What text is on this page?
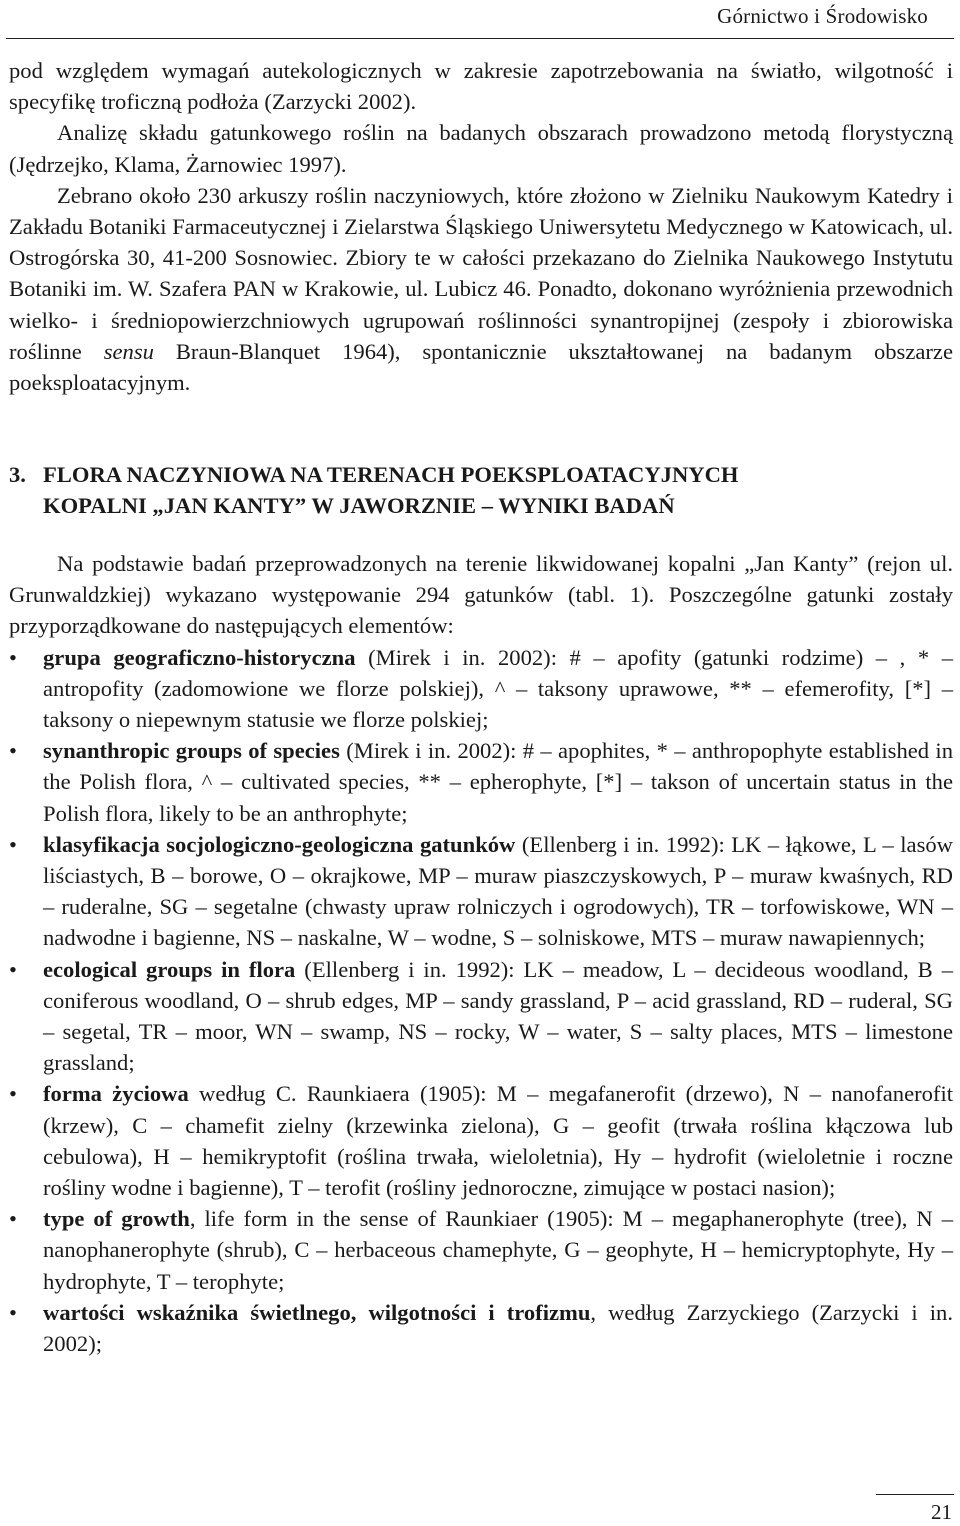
Górnictwo i Środowisko

pod względem wymagań autekologicznych w zakresie zapotrzebowania na światło, wilgotność i specyfikę troficzną podłoża (Zarzycki 2002).

Analizę składu gatunkowego roślin na badanych obszarach prowadzono metodą florystyczną (Jędrzejko, Klama, Żarnowiec 1997).

Zebrano około 230 arkuszy roślin naczyniowych, które złożono w Zielniku Naukowym Katedry i Zakładu Botaniki Farmaceutycznej i Zielarstwa Śląskiego Uniwersytetu Medycznego w Katowicach, ul. Ostrogórska 30, 41-200 Sosnowiec. Zbiory te w całości przekazano do Zielnika Naukowego Instytutu Botaniki im. W. Szafera PAN w Krakowie, ul. Lubicz 46. Ponadto, dokonano wyróżnienia przewodnich wielko- i średniopowierzchniowych ugrupowań roślinności synantropijnej (zespoły i zbiorowiska roślinne sensu Braun-Blanquet 1964), spontanicznie ukształtowanej na badanym obszarze poeksploatacyjnym.

3. FLORA NACZYNIOWA NA TERENACH POEKSPLOATACYJNYCH
KOPALNI „JAN KANTY” W JAWORZNIE – WYNIKI BADAŃ

Na podstawie badań przeprowadzonych na terenie likwidowanej kopalni „Jan Kanty” (rejon ul. Grunwaldzkiej) wykazano występowanie 294 gatunków (tabl. 1). Poszczególne gatunki zostały przyporządkowane do następujących elementów:

•	grupa geograficzno-historyczna (Mirek i in. 2002): # – apofity (gatunki rodzime) – , * – antropofity (zadomowione we florze polskiej), ^ – taksony uprawowe, ** – efemerofity, [*] – taksony o niepewnym statusie we florze polskiej;
•	synanthropic groups of species (Mirek i in. 2002): # – apophites, * – anthropophyte established in the Polish flora, ^ – cultivated species, ** – epherophyte, [*] – takson of uncertain status in the Polish flora, likely to be an anthrophyte;
•	klasyfikacja socjologiczno-geologiczna gatunków (Ellenberg i in. 1992): LK – łąkowe, L – lasów liściastych, B – borowe, O – okrajkowe, MP – muraw piaszczyskowych, P – muraw kwaśnych, RD – ruderalne, SG – segetalne (chwasty upraw rolniczych i ogrodowych), TR – torfowiskowe, WN – nadwodne i bagienne, NS – naskalne, W – wodne, S – solniskowe, MTS – muraw nawapiennych;
•	ecological groups in flora (Ellenberg i in. 1992): LK – meadow, L – decideous woodland, B – coniferous woodland, O – shrub edges, MP – sandy grassland, P – acid grassland, RD – ruderal, SG – segetal, TR – moor, WN – swamp, NS – rocky, W – water, S – salty places, MTS – limestone grassland;
•	forma życiowa według C. Raunkiaera (1905): M – megafanerofit (drzewo), N – nanofanerofit (krzew), C – chamefit zielny (krzewinka zielona), G – geofit (trwała roślina kłączowa lub cebulowa), H – hemikryptofit (roślina trwała, wieloletnia), Hy – hydrofit (wieloletnie i roczne rośliny wodne i bagienne), T – terofit (rośliny jednoroczne, zimujące w postaci nasion);
•	type of growth, life form in the sense of Raunkiaer (1905): M – megaphanerophyte (tree), N – nanophanerophyte (shrub), C – herbaceous chamephyte, G – geophyte, H – hemicryptophyte, Hy – hydrophyte, T – terophyte;
•	wartości wskaźnika świetlnego, wilgotności i trofizmu, według Zarzyckiego (Zarzycki i in. 2002);
21
